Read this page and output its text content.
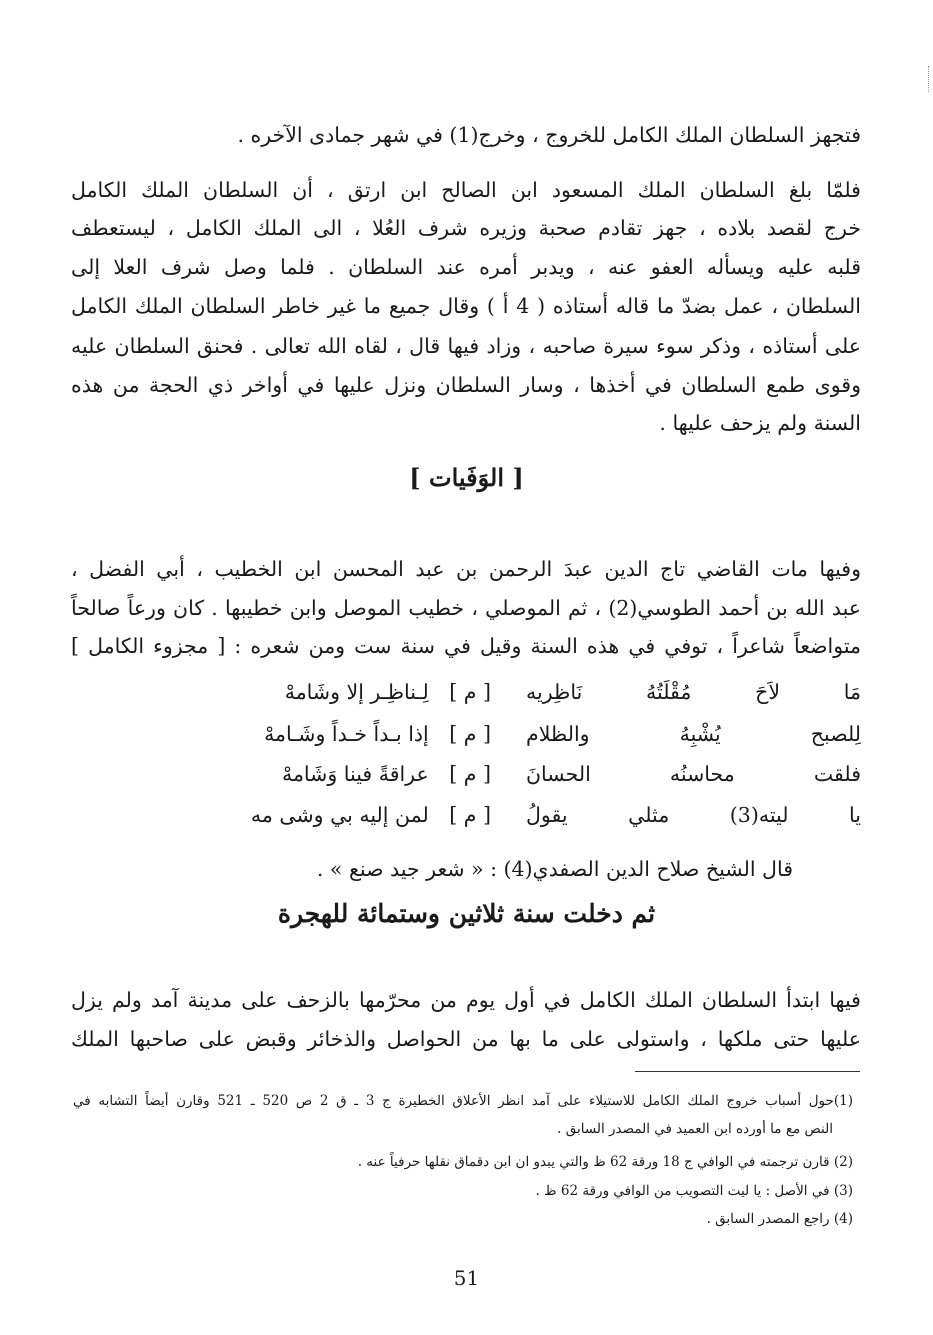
فتجهز السلطان الملك الكامل للخروج ، وخرج(1) في شهر جمادى الآخره .
فلمّا بلغ السلطان الملك المسعود ابن الصالح ابن ارتق ، أن السلطان الملك الكامل
خرج لقصد بلاده ، جهز تقادم صحبة وزيره شرف العُلا ، الى الملك الكامل ، ليستعطف
قلبه عليه ويسأله العفو عنه ، ويدبر أمره عند السلطان . فلما وصل شرف العلا إلى
السلطان ، عمل بضدّ ما قاله أستاذه ( 4 أ ) وقال جميع ما غير خاطر السلطان الملك الكامل
على أستاذه ، وذكر سوء سيرة صاحبه ، وزاد فيها قال ، لقاه الله تعالى . فحنق السلطان عليه
وقوى طمع السلطان في أخذها ، وسار السلطان ونزل عليها في أواخر ذي الحجة من هذه
السنة ولم يزحف عليها .
[ الوَفَيات ]
وفيها مات القاضي تاج الدين عبدَ الرحمن بن عبد المحسن ابن الخطيب ، أبي الفضل ،
عبد الله بن أحمد الطوسي(2) ، ثم الموصلي ، خطيب الموصل وابن خطيبها . كان ورعاً صالحاً
متواضعاً شاعراً ، توفي في هذه السنة وقيل في سنة ست ومن شعره : [ مجزوء الكامل ]
مَا لاَحَ مُقْلَتُهُ نَاظِريه
[ م ] لِـناظِـر إلا وشَامهْ
لِلصبح يُشْبِهُ والظلام
[ م ] إذا بـداً خـداً وشَـامهْ
فلقت محاسنُه الحسانَ
[ م ] عراقةً فينا وَشَامهْ
يا ليته(3) مثلي يقولُ
[ م ] لمن إليه بي وشى مه
قال الشيخ صلاح الدين الصفدي(4) : « شعر جيد صنع » .
ثم دخلت سنة ثلاثين وستمائة للهجرة
فيها ابتدأ السلطان الملك الكامل في أول يوم من محرّمها بالزحف على مدينة آمد ولم يزل
عليها حتى ملكها ، واستولى على ما بها من الحواصل والذخائر وقبض على صاحبها الملك
(1)حول أسباب خروج الملك الكامل للاستيلاء على آمد انظر الأعلاق الخطيرة ج 3 ـ ق 2 ص 520 ـ 521 وقارن أيضاً التشابه في
النص مع ما أورده ابن العميد في المصدر السابق .
(2) قارن ترجمته في الوافي ج 18 ورقة 62 ظ والتي يبدو ان ابن دقماق نقلها حرفياً عنه .
(3) في الأصل : يا ليت التصويب من الوافي ورقة 62 ظ .
(4) راجع المصدر السابق .
51
